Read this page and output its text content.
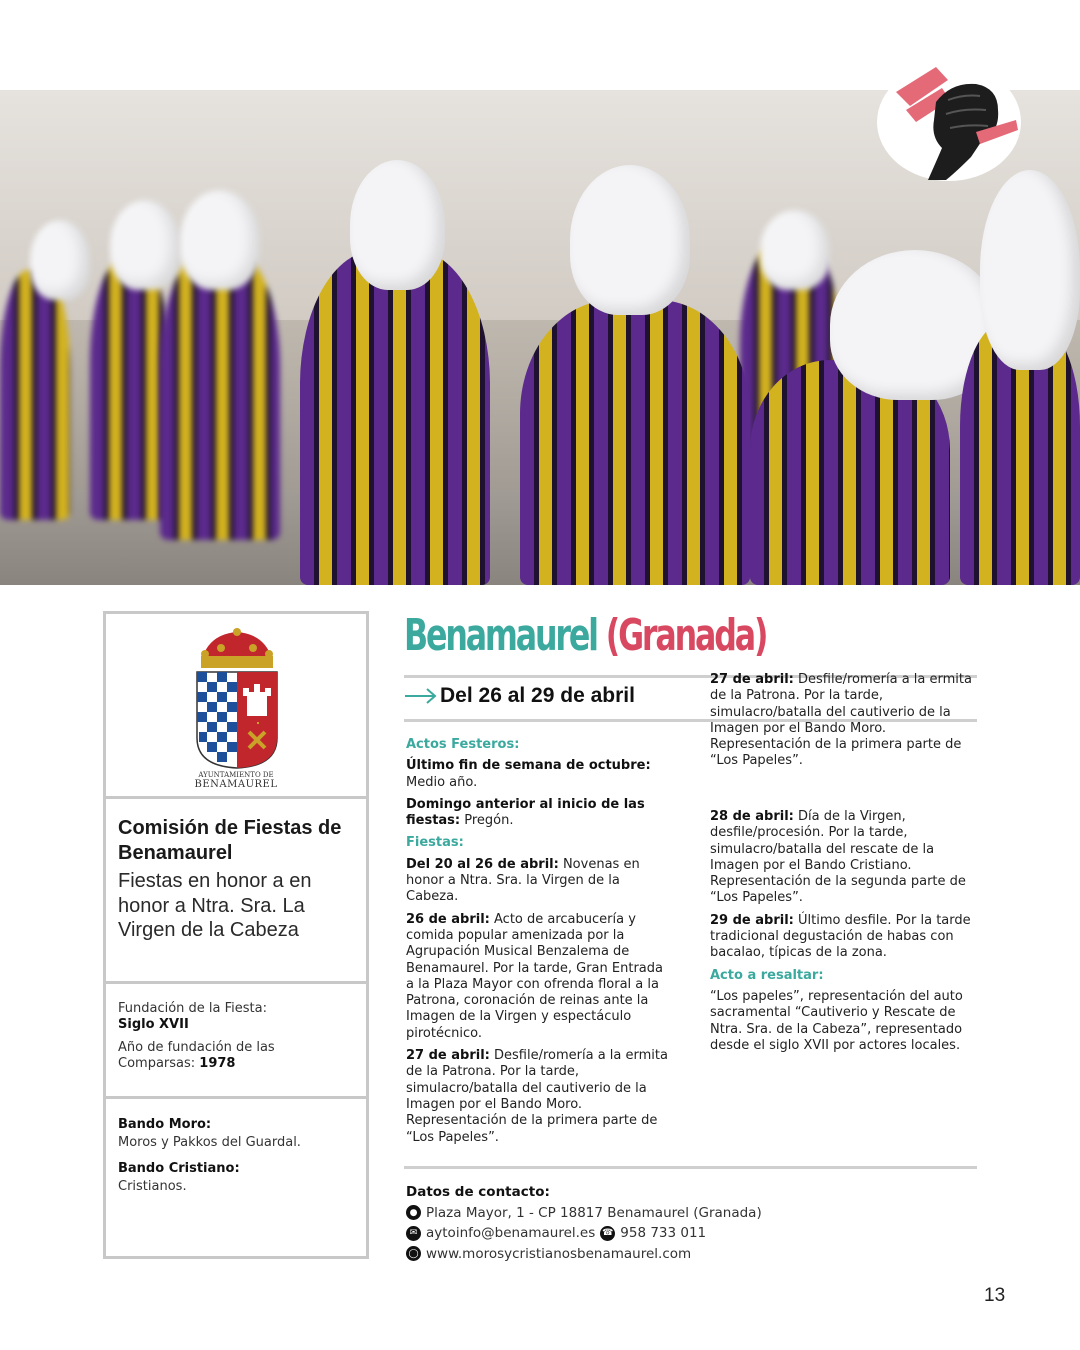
AYUNTAMIENTO DE
BENAMAUREL
Comisión de Fiestas de Benamaurel
Fiestas en honor a en honor a Ntra. Sra. La Virgen de la Cabeza
Fundación de la Fiesta:
Siglo XVII
Año de fundación de las Comparsas: 1978
Bando Moro:
Moros y Pakkos del Guardal.
Bando Cristiano:
Cristianos.
Benamaurel (Granada)
Del 26 al 29 de abril
Actos Festeros:
Último fin de semana de octubre: Medio año.
Domingo anterior al inicio de las fiestas: Pregón.
Fiestas:
Del 20 al 26 de abril: Novenas en honor a Ntra. Sra. la Virgen de la Cabeza.
26 de abril: Acto de arcabucería y comida popular amenizada por la Agrupación Musical Benzalema de Benamaurel. Por la tarde, Gran Entrada a la Plaza Mayor con ofrenda floral a la Patrona, coronación de reinas ante la Imagen de la Virgen y espectáculo pirotécnico.
27 de abril: Desfile/romería a la ermita de la Patrona. Por la tarde, simulacro/batalla del cautiverio de la Imagen por el Bando Moro. Representación de la primera parte de “Los Papeles”.
27 de abril: Desfile/romería a la ermita de la Patrona. Por la tarde, simulacro/batalla del cautiverio de la Imagen por el Bando Moro. Representación de la primera parte de “Los Papeles”.
28 de abril: Día de la Virgen, desfile/procesión. Por la tarde, simulacro/batalla del rescate de la Imagen por el Bando Cristiano. Representación de la segunda parte de “Los Papeles”.
29 de abril: Último desfile. Por la tarde tradicional degustación de habas con bacalao, típicas de la zona.
Acto a resaltar:
“Los papeles”, representación del auto sacramental “Cautiverio y Rescate de Ntra. Sra. de la Cabeza”, representado desde el siglo XVII por actores locales.
Datos de contacto:
● Plaza Mayor, 1 - CP 18817 Benamaurel (Granada)
✉ aytoinfo@benamaurel.es ☎ 958 733 011
◯ www.morosycristianosbenamaurel.com
13
